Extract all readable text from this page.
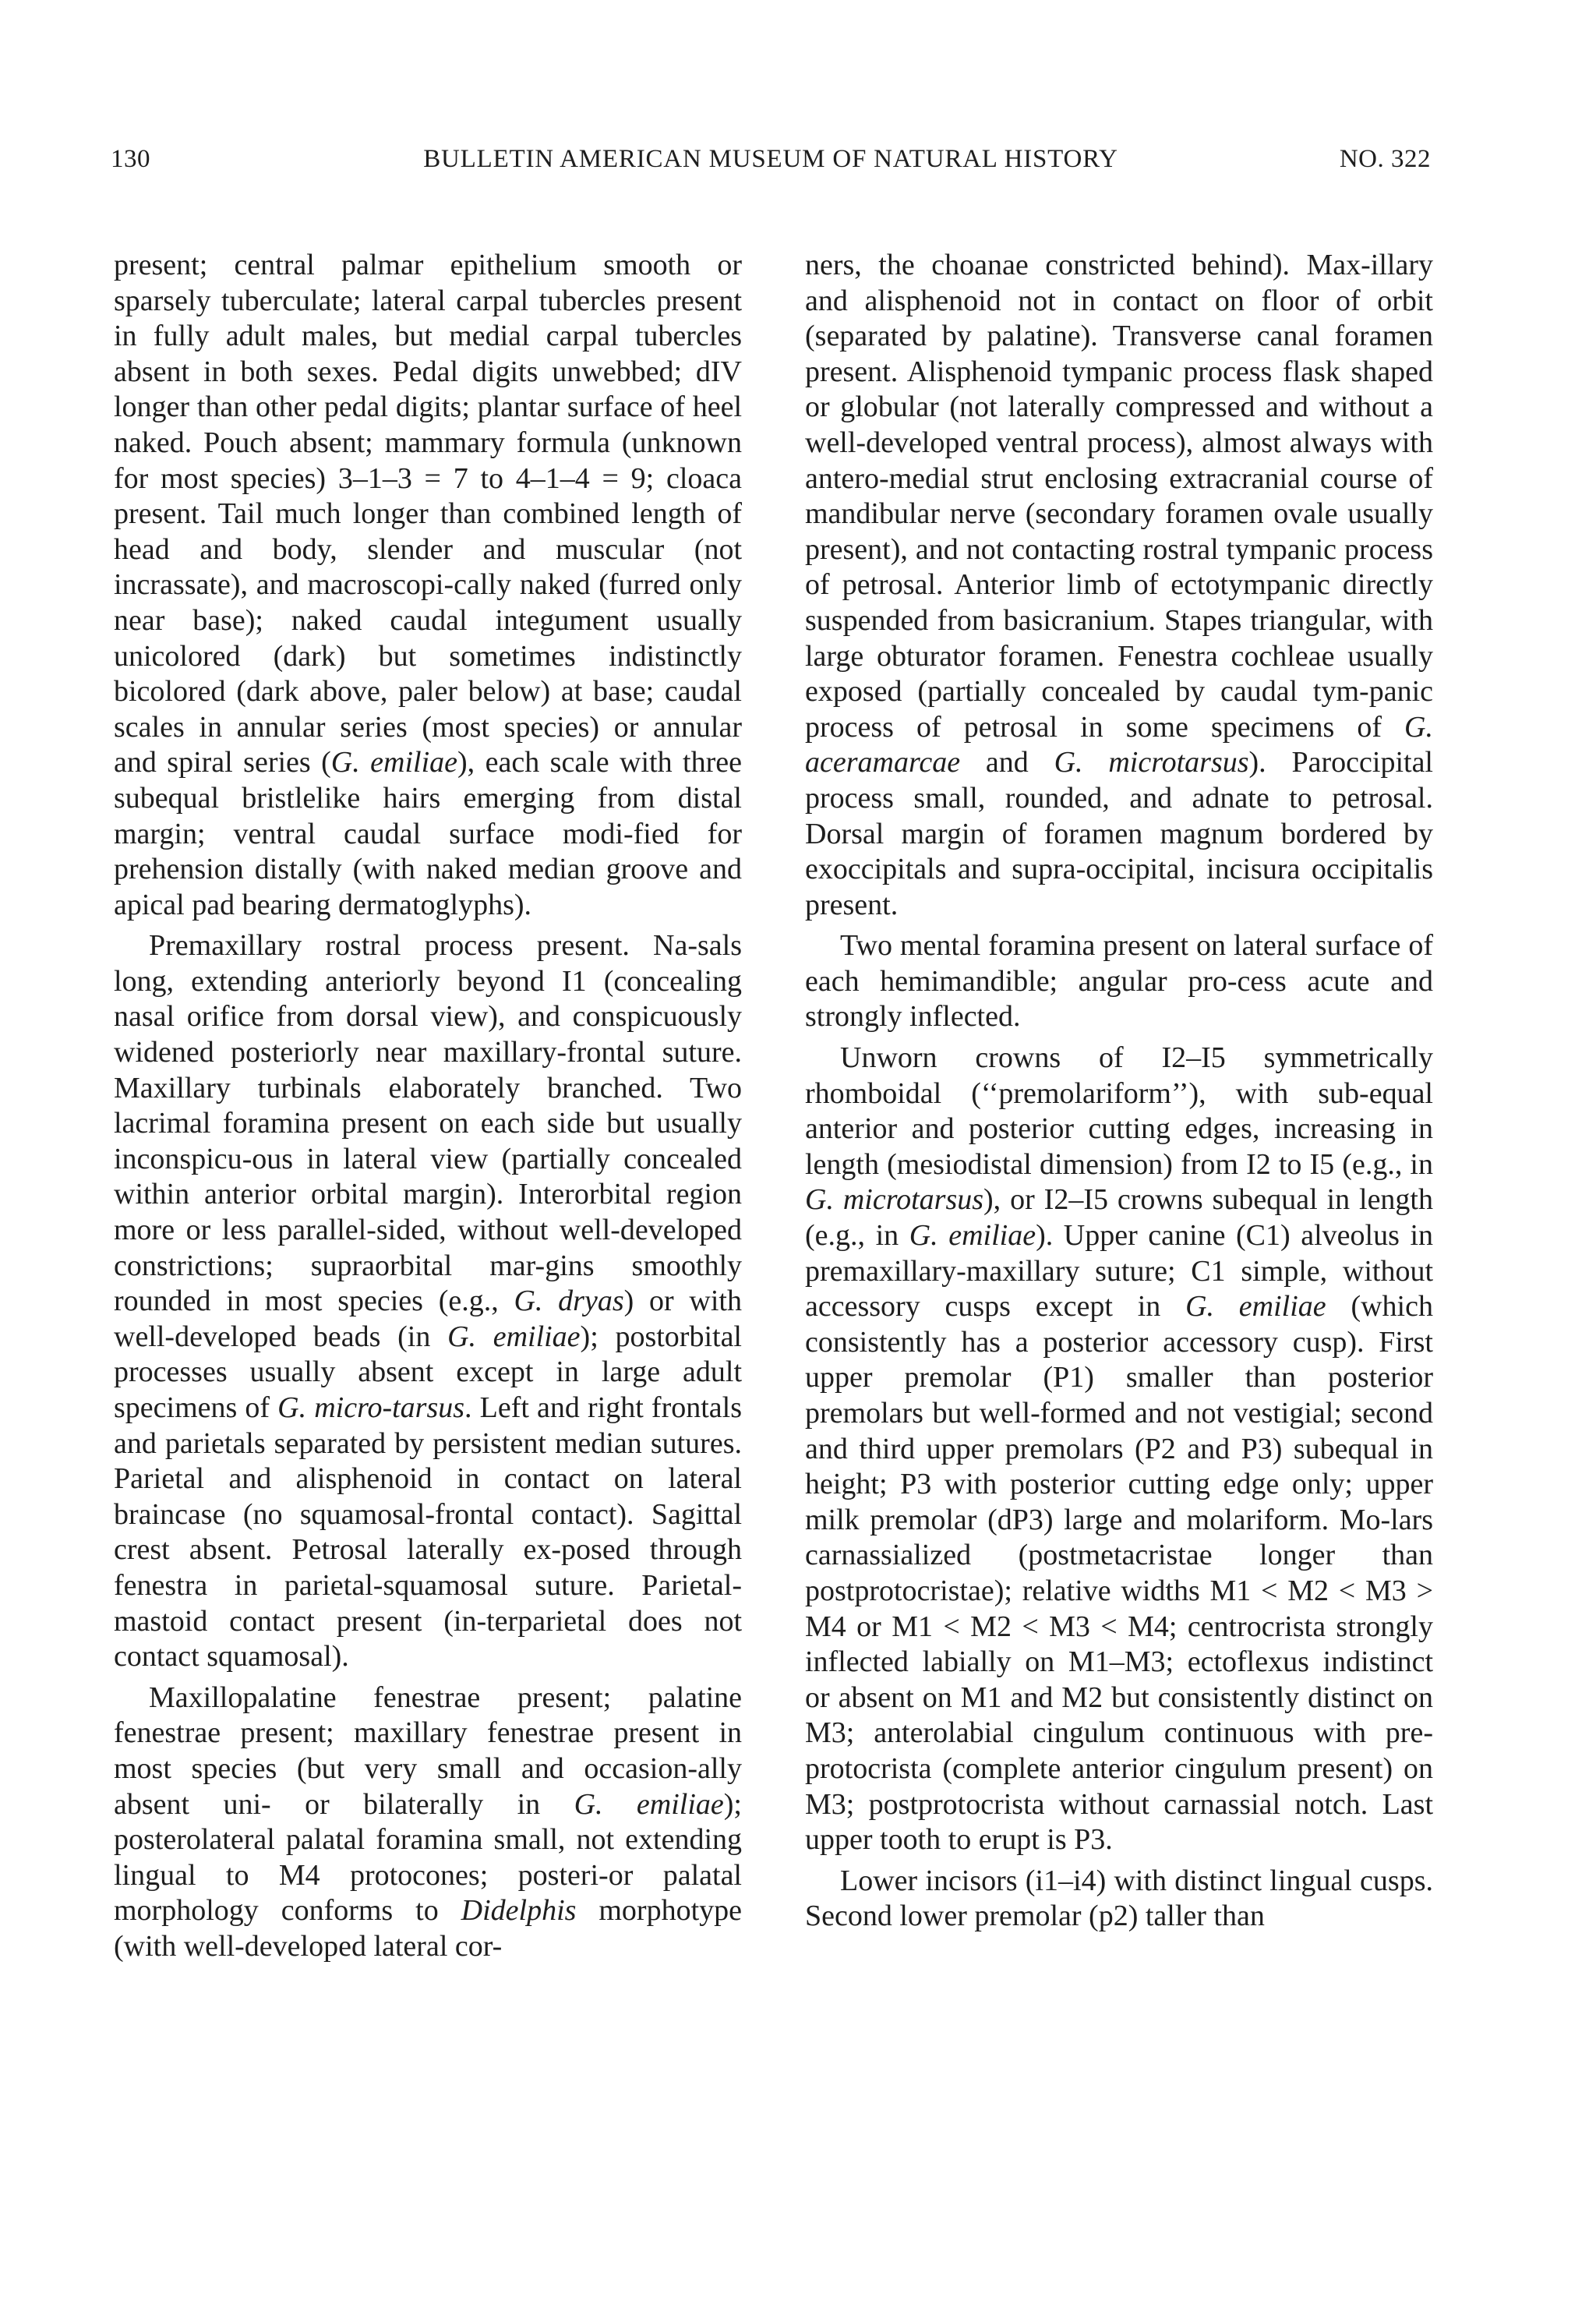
130	BULLETIN AMERICAN MUSEUM OF NATURAL HISTORY	NO. 322

present; central palmar epithelium smooth or sparsely tuberculate; lateral carpal tubercles present in fully adult males, but medial carpal tubercles absent in both sexes. Pedal digits unwebbed; dIV longer than other pedal digits; plantar surface of heel naked. Pouch absent; mammary formula (unknown for most species) 3–1–3 = 7 to 4–1–4 = 9; cloaca present. Tail much longer than combined length of head and body, slender and muscular (not incrassate), and macroscopi-cally naked (furred only near base); naked caudal integument usually unicolored (dark) but sometimes indistinctly bicolored (dark above, paler below) at base; caudal scales in annular series (most species) or annular and spiral series (G. emiliae), each scale with three subequal bristlelike hairs emerging from distal margin; ventral caudal surface modi-fied for prehension distally (with naked median groove and apical pad bearing dermatoglyphs).

Premaxillary rostral process present. Na-sals long, extending anteriorly beyond I1 (concealing nasal orifice from dorsal view), and conspicuously widened posteriorly near maxillary-frontal suture. Maxillary turbinals elaborately branched. Two lacrimal foramina present on each side but usually inconspicu-ous in lateral view (partially concealed within anterior orbital margin). Interorbital region more or less parallel-sided, without well-developed constrictions; supraorbital mar-gins smoothly rounded in most species (e.g., G. dryas) or with well-developed beads (in G. emiliae); postorbital processes usually absent except in large adult specimens of G. micro-tarsus. Left and right frontals and parietals separated by persistent median sutures. Parietal and alisphenoid in contact on lateral braincase (no squamosal-frontal contact). Sagittal crest absent. Petrosal laterally ex-posed through fenestra in parietal-squamosal suture. Parietal-mastoid contact present (in-terparietal does not contact squamosal).

Maxillopalatine fenestrae present; palatine fenestrae present; maxillary fenestrae present in most species (but very small and occasion-ally absent uni- or bilaterally in G. emiliae); posterolateral palatal foramina small, not extending lingual to M4 protocones; posteri-or palatal morphology conforms to Didelphis morphotype (with well-developed lateral cor-

ners, the choanae constricted behind). Max-illary and alisphenoid not in contact on floor of orbit (separated by palatine). Transverse canal foramen present. Alisphenoid tympanic process flask shaped or globular (not laterally compressed and without a well-developed ventral process), almost always with antero-medial strut enclosing extracranial course of mandibular nerve (secondary foramen ovale usually present), and not contacting rostral tympanic process of petrosal. Anterior limb of ectotympanic directly suspended from basicranium. Stapes triangular, with large obturator foramen. Fenestra cochleae usually exposed (partially concealed by caudal tym-panic process of petrosal in some specimens of G. aceramarcae and G. microtarsus). Paroccipital process small, rounded, and adnate to petrosal. Dorsal margin of foramen magnum bordered by exoccipitals and supra-occipital, incisura occipitalis present.

Two mental foramina present on lateral surface of each hemimandible; angular pro-cess acute and strongly inflected.

Unworn crowns of I2–I5 symmetrically rhomboidal (‘‘premolariform’’), with sub-equal anterior and posterior cutting edges, increasing in length (mesiodistal dimension) from I2 to I5 (e.g., in G. microtarsus), or I2–I5 crowns subequal in length (e.g., in G. emiliae). Upper canine (C1) alveolus in premaxillary-maxillary suture; C1 simple, without accessory cusps except in G. emiliae (which consistently has a posterior accessory cusp). First upper premolar (P1) smaller than posterior premolars but well-formed and not vestigial; second and third upper premolars (P2 and P3) subequal in height; P3 with posterior cutting edge only; upper milk premolar (dP3) large and molariform. Mo-lars carnassialized (postmetacristae longer than postprotocristae); relative widths M1 < M2 < M3 > M4 or M1 < M2 < M3 < M4; centrocrista strongly inflected labially on M1–M3; ectoflexus indistinct or absent on M1 and M2 but consistently distinct on M3; anterolabial cingulum continuous with pre-protocrista (complete anterior cingulum present) on M3; postprotocrista without carnassial notch. Last upper tooth to erupt is P3.

Lower incisors (i1–i4) with distinct lingual cusps. Second lower premolar (p2) taller than
